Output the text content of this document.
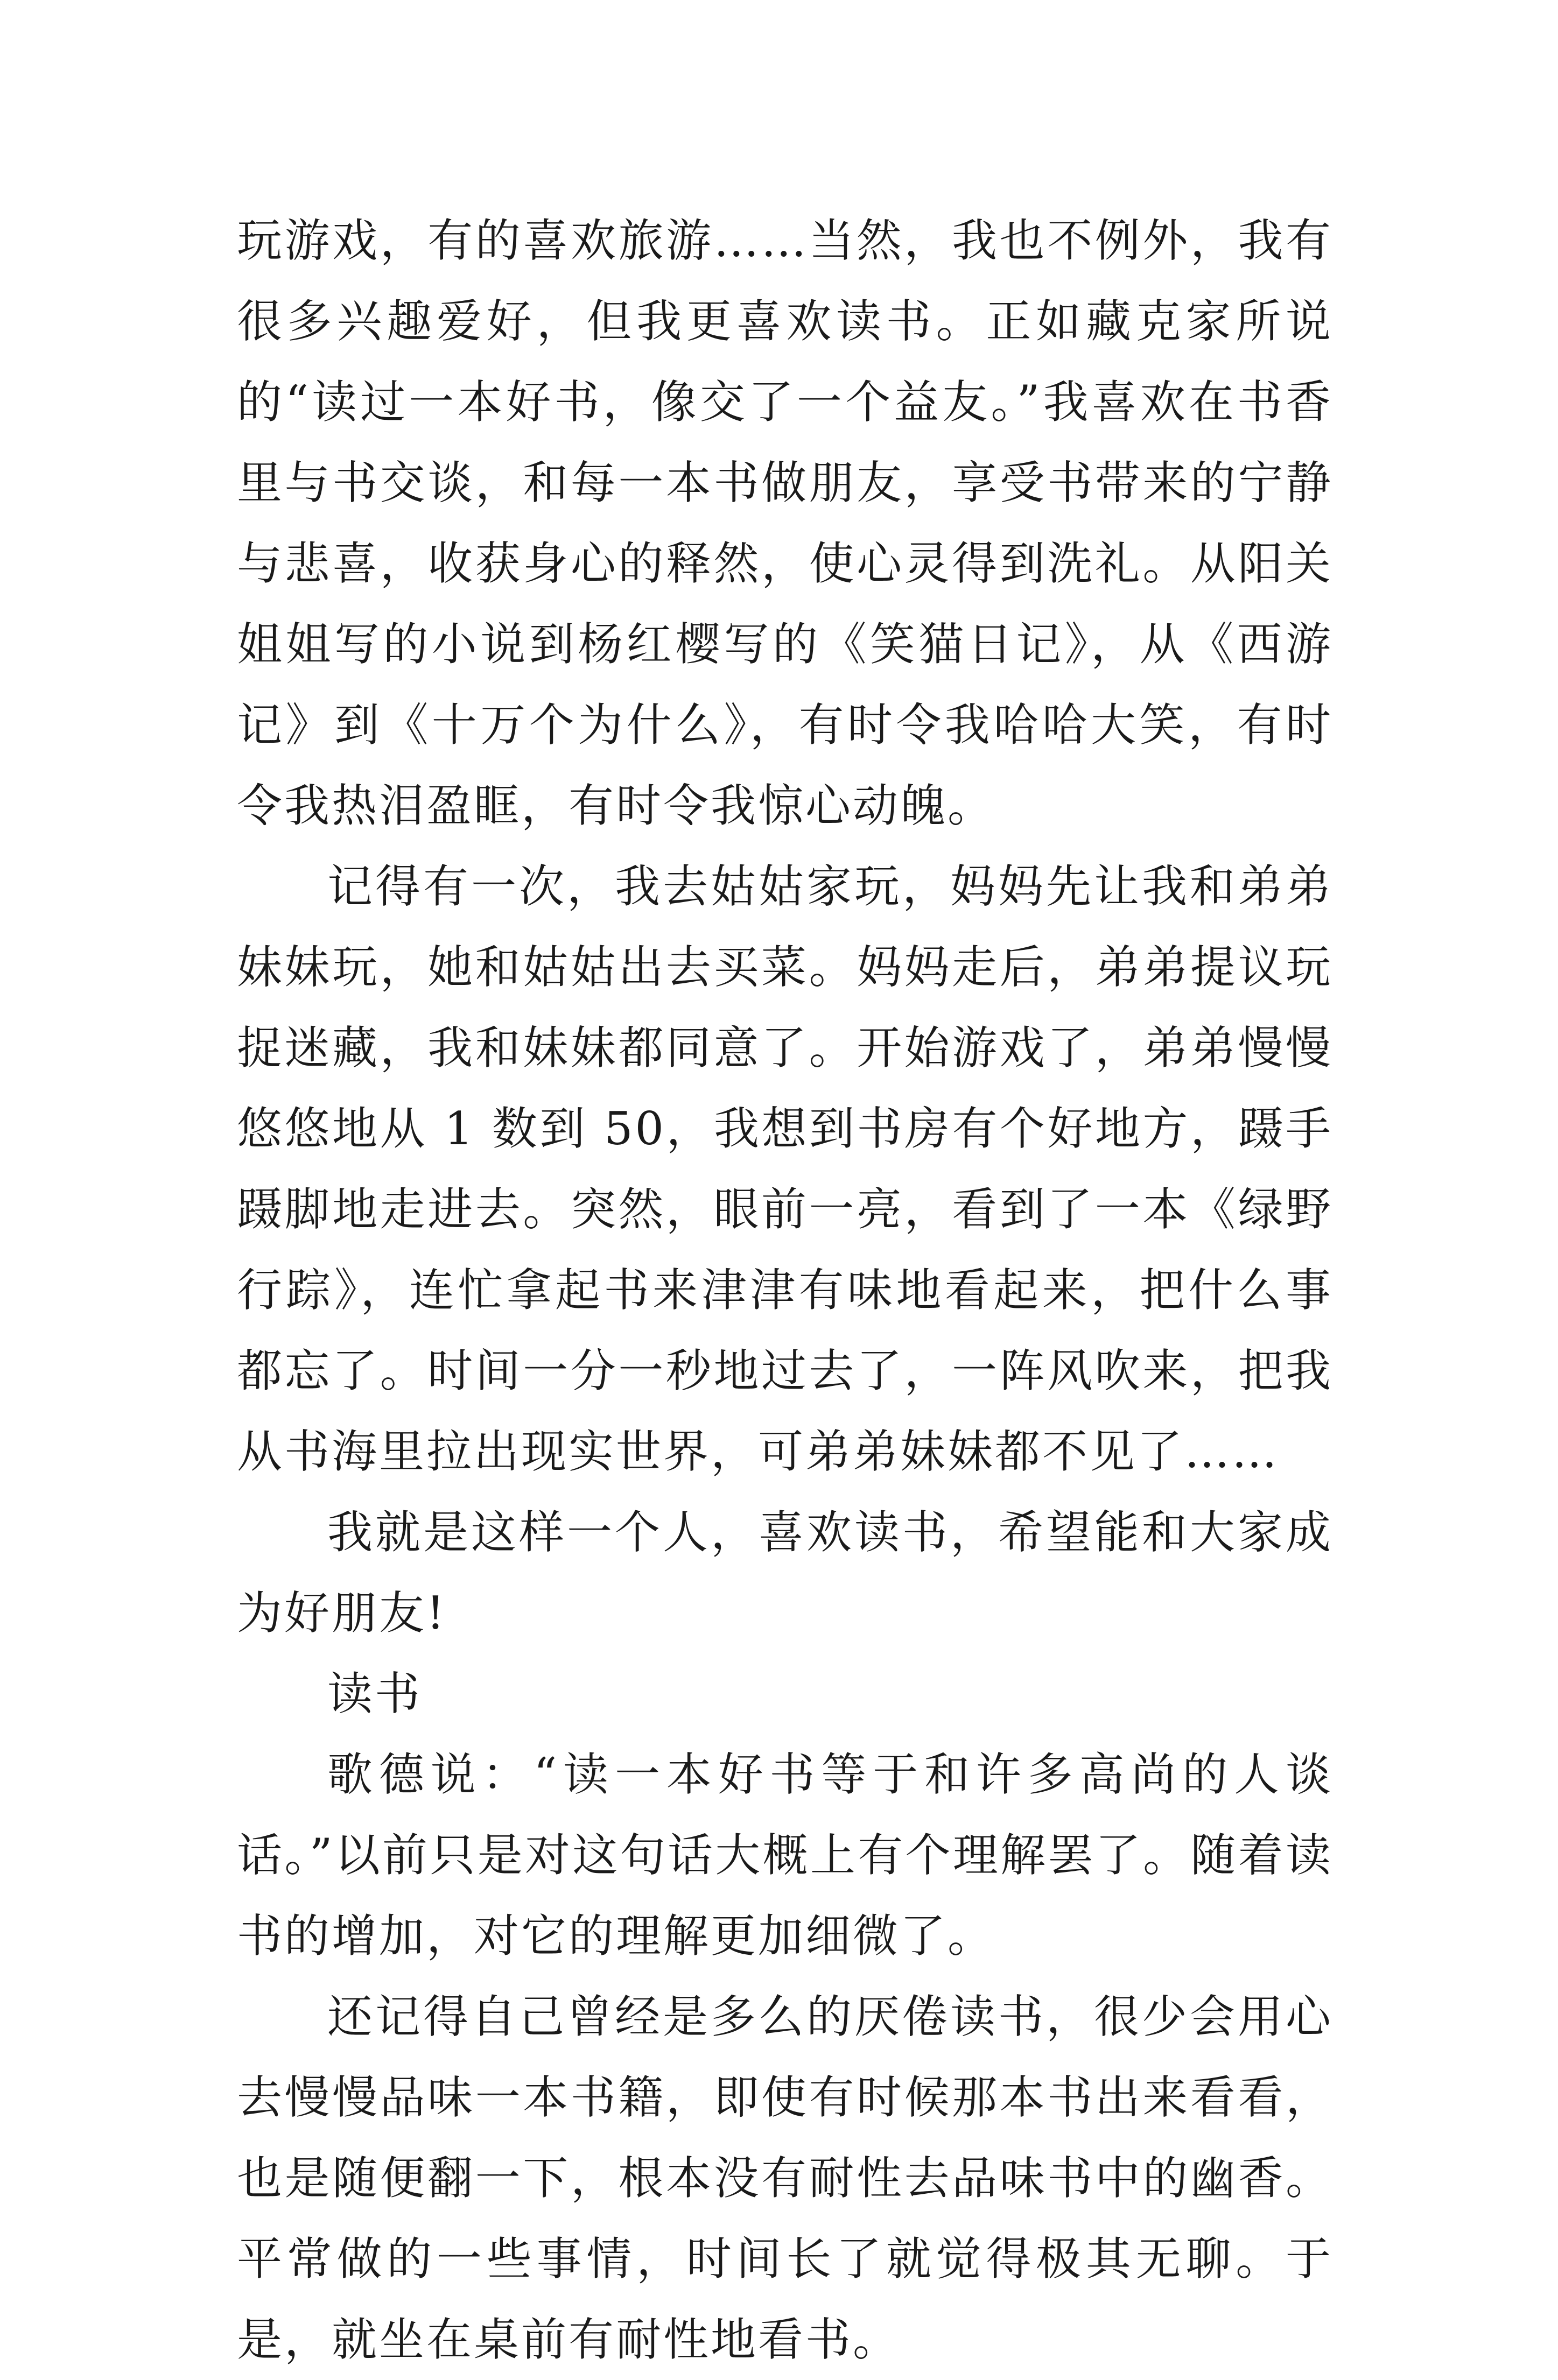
玩游戏，有的喜欢旅游……当然，我也不例外，我有很多兴趣爱好，但我更喜欢读书。正如藏克家所说的“读过一本好书，像交了一个益友。”我喜欢在书香里与书交谈，和每一本书做朋友，享受书带来的宁静与悲喜，收获身心的释然，使心灵得到洗礼。从阳关姐姐写的小说到杨红樱写的《笑猫日记》，从《西游记》到《十万个为什么》，有时令我哈哈大笑，有时令我热泪盈眶，有时令我惊心动魄。

记得有一次，我去姑姑家玩，妈妈先让我和弟弟妹妹玩，她和姑姑出去买菜。妈妈走后，弟弟提议玩捉迷藏，我和妹妹都同意了。开始游戏了，弟弟慢慢悠悠地从 1 数到 50，我想到书房有个好地方，蹑手蹑脚地走进去。突然，眼前一亮，看到了一本《绿野行踪》，连忙拿起书来津津有味地看起来，把什么事都忘了。时间一分一秒地过去了，一阵风吹来，把我从书海里拉出现实世界，可弟弟妹妹都不见了……

我就是这样一个人，喜欢读书，希望能和大家成为好朋友!

读书

歌德说：“读一本好书等于和许多高尚的人谈话。”以前只是对这句话大概上有个理解罢了。随着读书的增加，对它的理解更加细微了。

还记得自己曾经是多么的厌倦读书，很少会用心去慢慢品味一本书籍，即使有时候那本书出来看看，也是随便翻一下，根本没有耐性去品味书中的幽香。平常做的一些事情，时间长了就觉得极其无聊。于是，就坐在桌前有耐性地看书。
